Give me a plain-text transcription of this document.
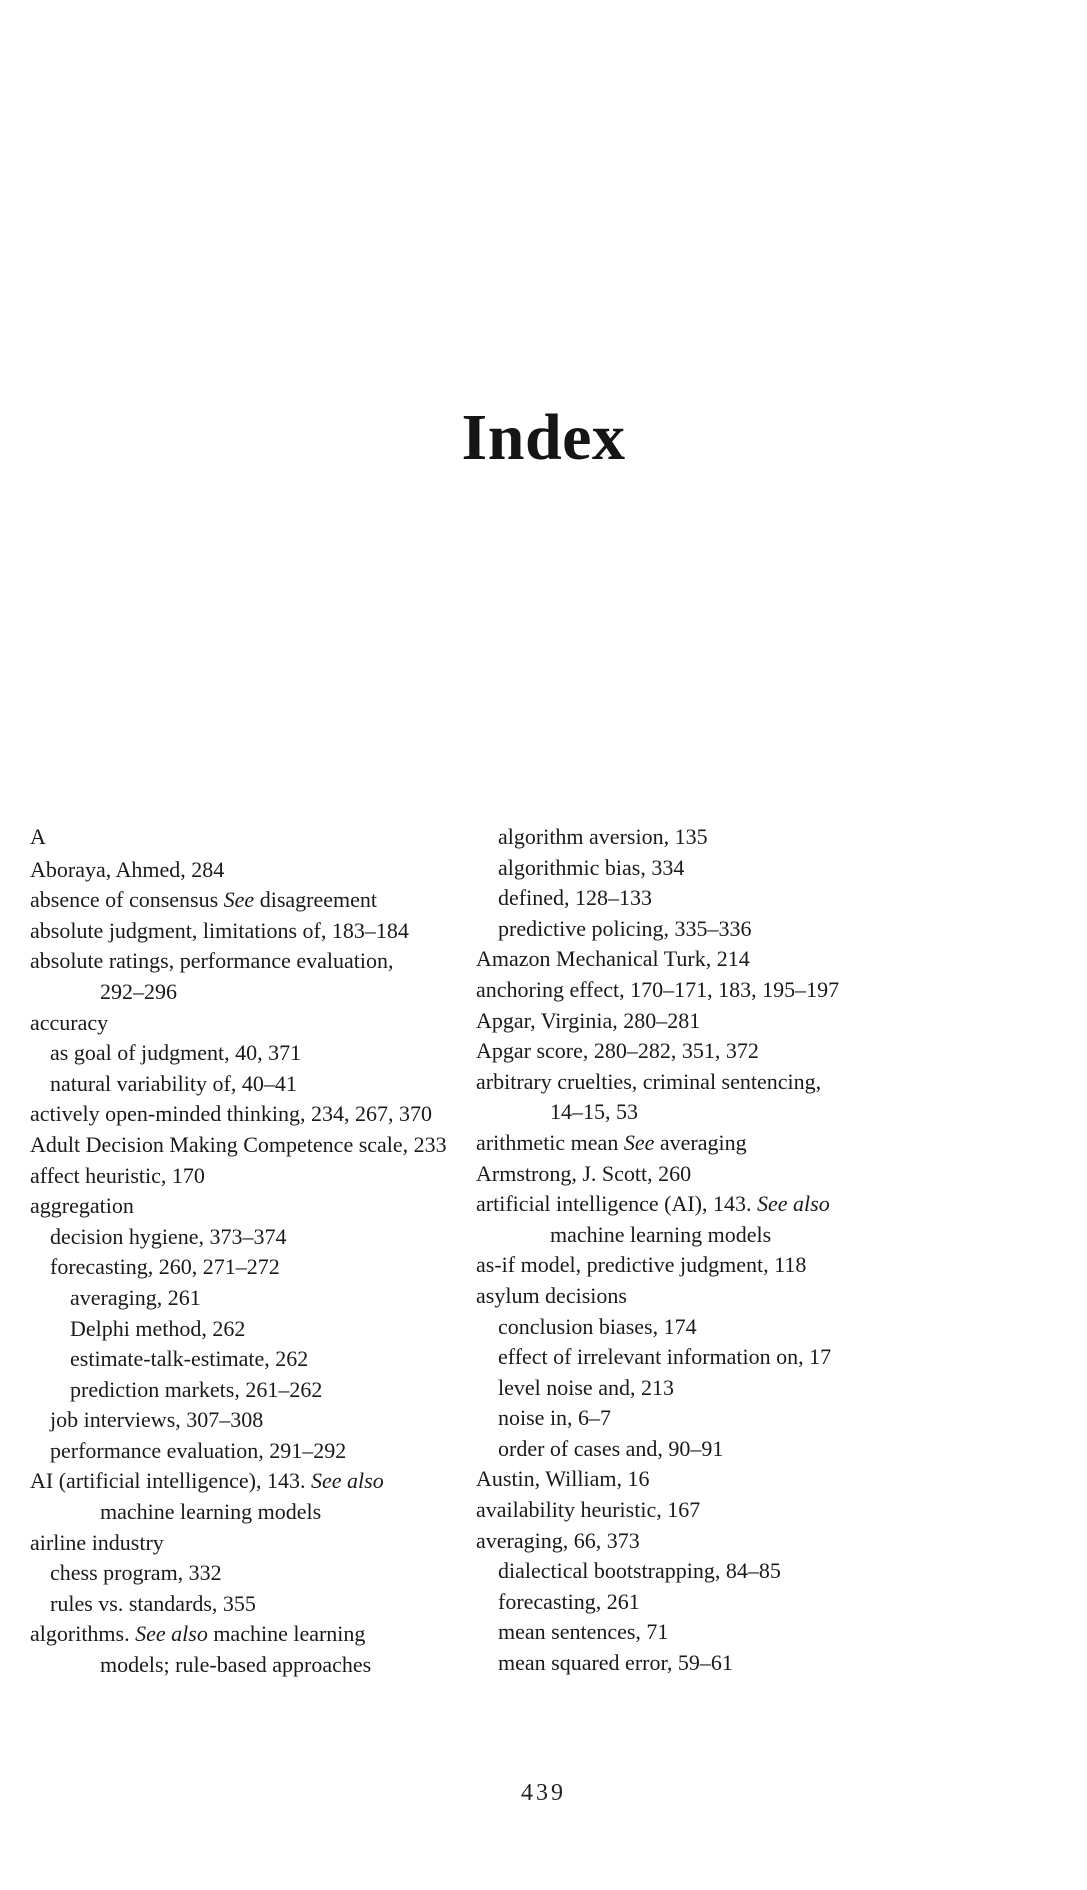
Index
A
Aboraya, Ahmed, 284
absence of consensus See disagreement
absolute judgment, limitations of, 183–184
absolute ratings, performance evaluation,
292–296
accuracy
as goal of judgment, 40, 371
natural variability of, 40–41
actively open-minded thinking, 234, 267, 370
Adult Decision Making Competence scale, 233
affect heuristic, 170
aggregation
decision hygiene, 373–374
forecasting, 260, 271–272
averaging, 261
Delphi method, 262
estimate-talk-estimate, 262
prediction markets, 261–262
job interviews, 307–308
performance evaluation, 291–292
AI (artificial intelligence), 143. See also
machine learning models
airline industry
chess program, 332
rules vs. standards, 355
algorithms. See also machine learning
models; rule-based approaches
algorithm aversion, 135
algorithmic bias, 334
defined, 128–133
predictive policing, 335–336
Amazon Mechanical Turk, 214
anchoring effect, 170–171, 183, 195–197
Apgar, Virginia, 280–281
Apgar score, 280–282, 351, 372
arbitrary cruelties, criminal sentencing,
14–15, 53
arithmetic mean See averaging
Armstrong, J. Scott, 260
artificial intelligence (AI), 143. See also
machine learning models
as-if model, predictive judgment, 118
asylum decisions
conclusion biases, 174
effect of irrelevant information on, 17
level noise and, 213
noise in, 6–7
order of cases and, 90–91
Austin, William, 16
availability heuristic, 167
averaging, 66, 373
dialectical bootstrapping, 84–85
forecasting, 261
mean sentences, 71
mean squared error, 59–61
439
